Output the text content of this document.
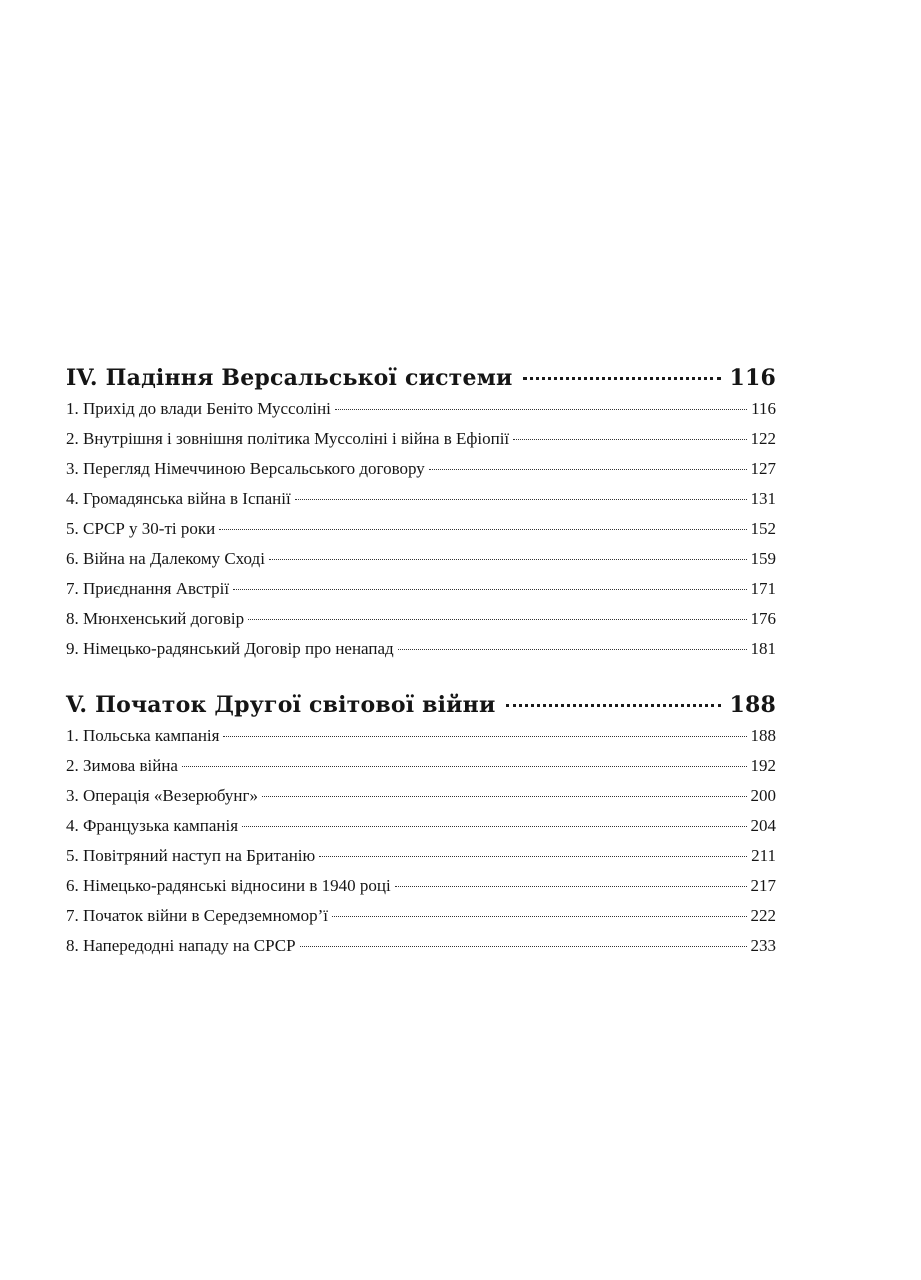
IV. Падіння Версальської системи	116
1. Прихід до влади Беніто Муссоліні	116
2. Внутрішня і зовнішня політика Муссоліні і війна в Ефіопії	122
3. Перегляд Німеччиною Версальського договору	127
4. Громадянська війна в Іспанії	131
5. СРСР у 30-ті роки	152
6. Війна на Далекому Сході	159
7. Приєднання Австрії	171
8. Мюнхенський договір	176
9. Німецько-радянський Договір про ненапад	181
V. Початок Другої світової війни	188
1. Польська кампанія	188
2. Зимова війна	192
3. Операція «Везерюбунг»	200
4. Французька кампанія	204
5. Повітряний наступ на Британію	211
6. Німецько-радянські відносини в 1940 році	217
7. Початок війни в Середземномор’ї	222
8. Напередодні нападу на СРСР	233
